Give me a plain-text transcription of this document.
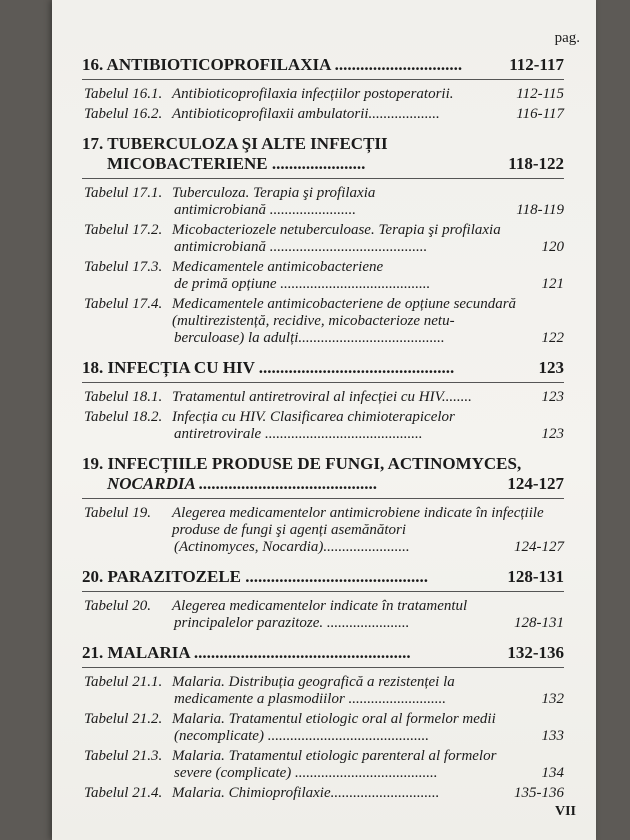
pag.
16. ANTIBIOTICOPROFILAXIA ..............................	112-117
Tabelul 16.1. Antibioticoprofilaxia infecțiilor postoperatorii.	112-115
Tabelul 16.2. Antibioticoprofilaxii ambulatorii...................	116-117
17. TUBERCULOZA ŞI ALTE INFECȚII
MICOBACTERIENE ......................	118-122
Tabelul 17.1. Tuberculoza. Terapia şi profilaxia
antimicrobiană .......................	118-119
Tabelul 17.2. Micobacteriozele netuberculoase. Terapia şi profilaxia
antimicrobiană ..........................................	120
Tabelul 17.3. Medicamentele antimicobacteriene
de primă opțiune ........................................	121
Tabelul 17.4. Medicamentele antimicobacteriene de opțiune secundară (multirezistență, recidive, micobacterioze netu-
berculoase) la adulți.......................................	122
18. INFECȚIA CU HIV ..............................................	123
Tabelul 18.1. Tratamentul antiretroviral al infecției cu HIV........	123
Tabelul 18.2. Infecția cu HIV. Clasificarea chimioterapicelor
antiretrovirale ..........................................	123
19. INFECȚIILE PRODUSE DE FUNGI, ACTINOMYCES,
NOCARDIA ..........................................	124-127
Tabelul 19. Alegerea medicamentelor antimicrobiene indicate în infecțiile produse de fungi şi agenți asemănători
(Actinomyces, Nocardia).......................	124-127
20. PARAZITOZELE ...........................................	128-131
Tabelul 20. Alegerea medicamentelor indicate în tratamentul
principalelor parazitoze. ......................	128-131
21. MALARIA ...................................................	132-136
Tabelul 21.1. Malaria. Distribuția geografică a rezistenței la
medicamente a plasmodiilor ..........................	132
Tabelul 21.2. Malaria. Tratamentul etiologic oral al formelor medii
(necomplicate) ...........................................	133
Tabelul 21.3. Malaria. Tratamentul etiologic parenteral al formelor
severe (complicate) ......................................	134
Tabelul 21.4. Malaria. Chimioprofilaxie.............................	135-136
VII
